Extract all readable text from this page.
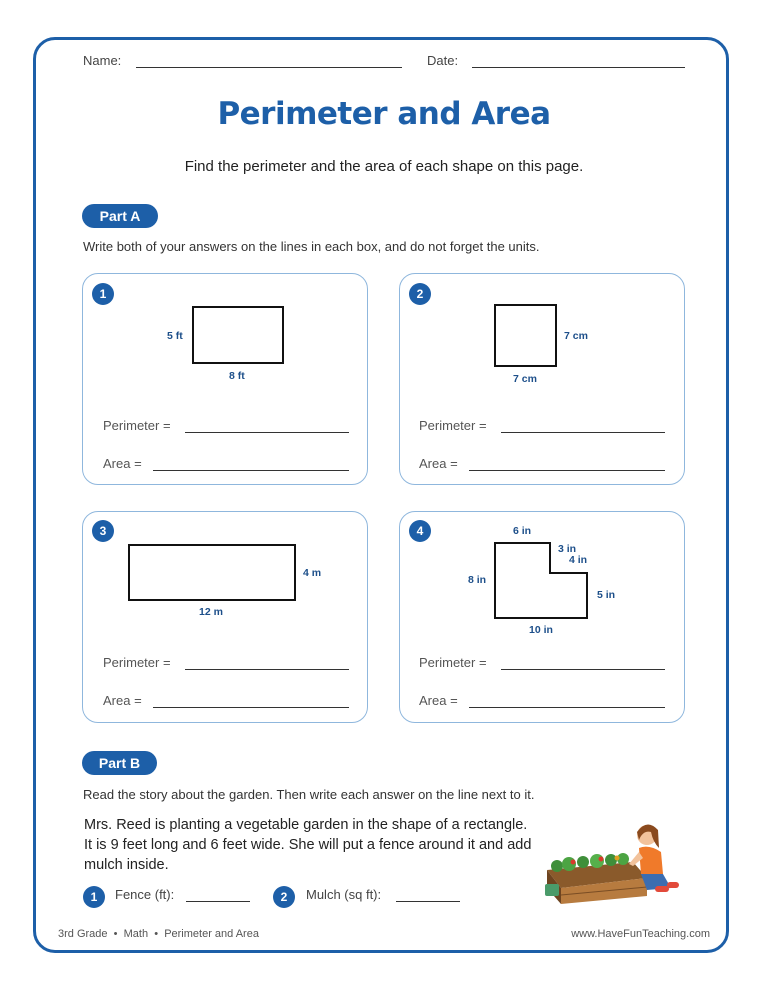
Name:	Date:
Perimeter and Area
Find the perimeter and the area of each shape on this page.
Part A
Write both of your answers on the lines in each box, and do not forget the units.
1
5 ft
8 ft
Perimeter =
Area =
2
7 cm
7 cm
Perimeter =
Area =
3
4 m
12 m
Perimeter =
Area =
4	6 in
3 in
4 in
8 in
5 in
10 in
Perimeter =
Area =
Part B
Read the story about the garden. Then write each answer on the line next to it.
Mrs. Reed is planting a vegetable garden in the shape of a rectangle. It is 9 feet long and 6 feet wide. She will put a fence around it and add mulch inside.
1	Fence (ft):	2	Mulch (sq ft):
3rd Grade  •  Math  •  Perimeter and Area	www.HaveFunTeaching.com
